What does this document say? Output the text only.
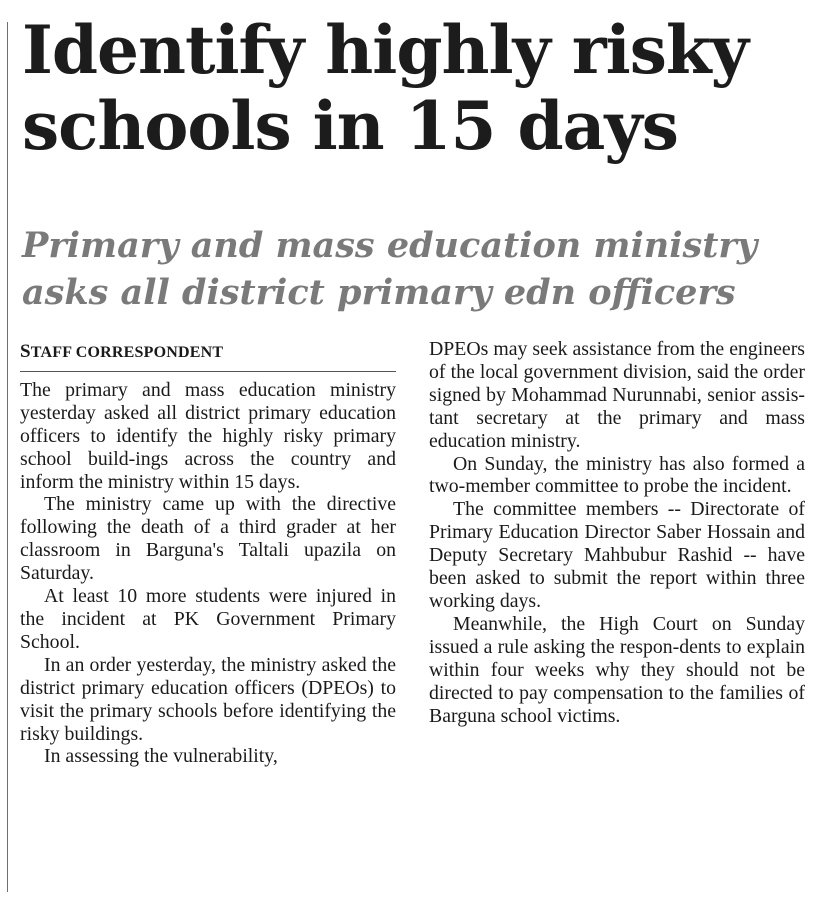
Identify highly risky schools in 15 days
Primary and mass education ministry asks all district primary edn officers
STAFF CORRESPONDENT

The primary and mass education ministry yesterday asked all district primary education officers to identify the highly risky primary school build-ings across the country and inform the ministry within 15 days.

The ministry came up with the directive following the death of a third grader at her classroom in Barguna's Taltali upazila on Saturday.

At least 10 more students were injured in the incident at PK Government Primary School.

In an order yesterday, the ministry asked the district primary education officers (DPEOs) to visit the primary schools before identifying the risky buildings.

In assessing the vulnerability,

DPEOs may seek assistance from the engineers of the local government division, said the order signed by Mohammad Nurunnabi, senior assis-tant secretary at the primary and mass education ministry.

On Sunday, the ministry has also formed a two-member committee to probe the incident.

The committee members -- Directorate of Primary Education Director Saber Hossain and Deputy Secretary Mahbubur Rashid -- have been asked to submit the report within three working days.

Meanwhile, the High Court on Sunday issued a rule asking the respon-dents to explain within four weeks why they should not be directed to pay compensation to the families of Barguna school victims.
